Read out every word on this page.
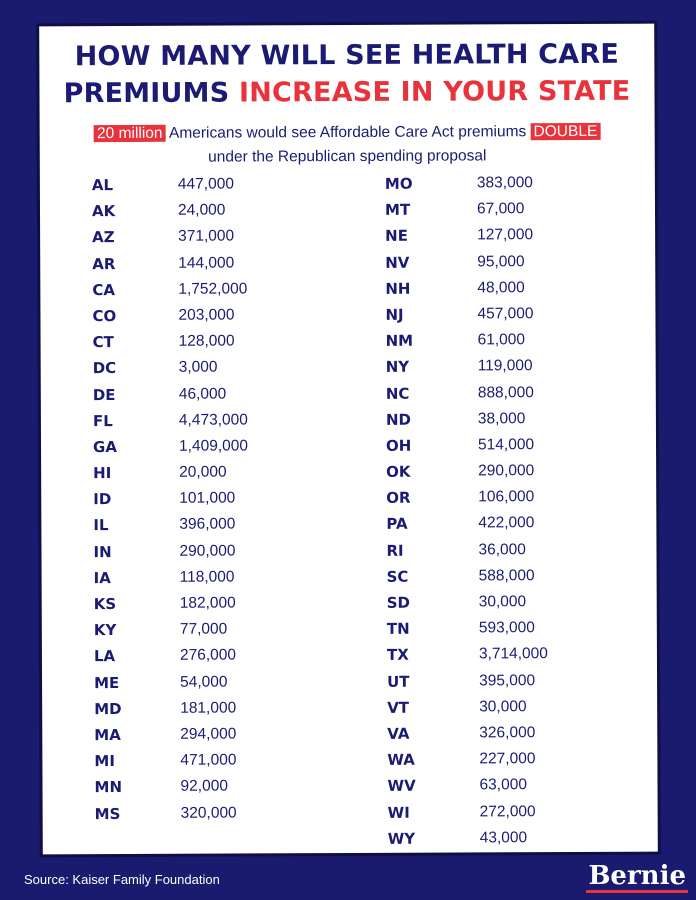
HOW MANY WILL SEE HEALTH CARE
PREMIUMS INCREASE IN YOUR STATE
20 million Americans would see Affordable Care Act premiums DOUBLE
under the Republican spending proposal
AL	447,000
AK	24,000
AZ	371,000
AR	144,000
CA	1,752,000
CO	203,000
CT	128,000
DC	3,000
DE	46,000
FL	4,473,000
GA	1,409,000
HI	20,000
ID	101,000
IL	396,000
IN	290,000
IA	118,000
KS	182,000
KY	77,000
LA	276,000
ME	54,000
MD	181,000
MA	294,000
MI	471,000
MN	92,000
MS	320,000
MO	383,000
MT	67,000
NE	127,000
NV	95,000
NH	48,000
NJ	457,000
NM	61,000
NY	119,000
NC	888,000
ND	38,000
OH	514,000
OK	290,000
OR	106,000
PA	422,000
RI	36,000
SC	588,000
SD	30,000
TN	593,000
TX	3,714,000
UT	395,000
VT	30,000
VA	326,000
WA	227,000
WV	63,000
WI	272,000
WY	43,000
Source: Kaiser Family Foundation	Bernie
